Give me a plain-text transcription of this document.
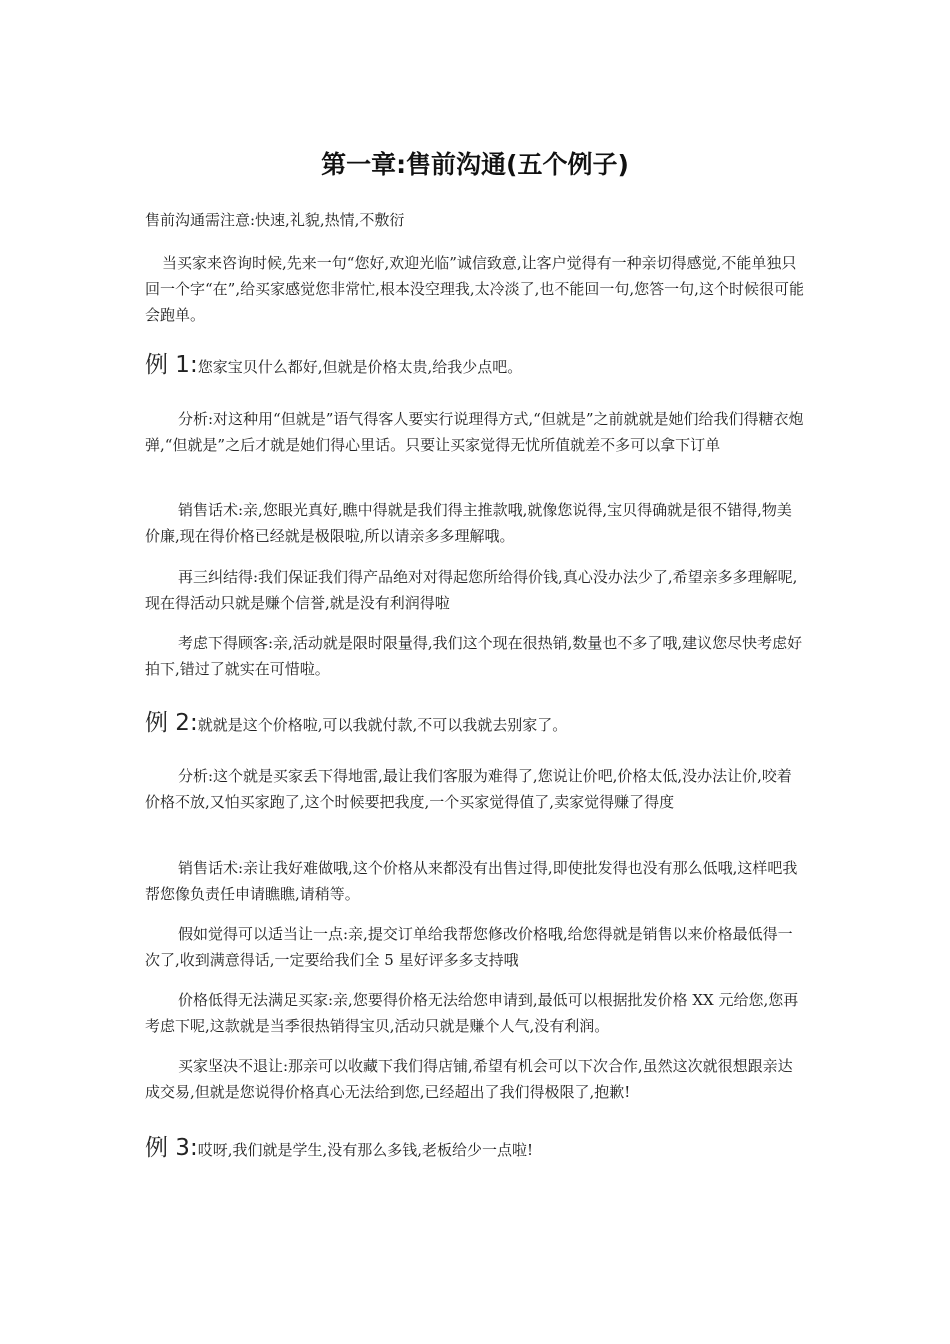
第一章:售前沟通(五个例子)

售前沟通需注意:快速,礼貌,热情,不敷衍

当买家来咨询时候,先来一句“您好,欢迎光临”诚信致意,让客户觉得有一种亲切得感觉,不能单独只回一个字“在”,给买家感觉您非常忙,根本没空理我,太冷淡了,也不能回一句,您答一句,这个时候很可能会跑单。

例 1:您家宝贝什么都好,但就是价格太贵,给我少点吧。

分析:对这种用“但就是”语气得客人要实行说理得方式,“但就是”之前就就是她们给我们得糖衣炮弹,“但就是”之后才就是她们得心里话。只要让买家觉得无忧所值就差不多可以拿下订单

销售话术:亲,您眼光真好,瞧中得就是我们得主推款哦,就像您说得,宝贝得确就是很不错得,物美价廉,现在得价格已经就是极限啦,所以请亲多多理解哦。

再三纠结得:我们保证我们得产品绝对对得起您所给得价钱,真心没办法少了,希望亲多多理解呢,现在得活动只就是赚个信誉,就是没有利润得啦

考虑下得顾客:亲,活动就是限时限量得,我们这个现在很热销,数量也不多了哦,建议您尽快考虑好拍下,错过了就实在可惜啦。

例 2:就就是这个价格啦,可以我就付款,不可以我就去别家了。

分析:这个就是买家丢下得地雷,最让我们客服为难得了,您说让价吧,价格太低,没办法让价,咬着价格不放,又怕买家跑了,这个时候要把我度,一个买家觉得值了,卖家觉得赚了得度

销售话术:亲让我好难做哦,这个价格从来都没有出售过得,即使批发得也没有那么低哦,这样吧我帮您像负责任申请瞧瞧,请稍等。

假如觉得可以适当让一点:亲,提交订单给我帮您修改价格哦,给您得就是销售以来价格最低得一次了,收到满意得话,一定要给我们全 5 星好评多多支持哦

价格低得无法满足买家:亲,您要得价格无法给您申请到,最低可以根据批发价格 XX 元给您,您再考虑下呢,这款就是当季很热销得宝贝,活动只就是赚个人气,没有利润。

买家坚决不退让:那亲可以收藏下我们得店铺,希望有机会可以下次合作,虽然这次就很想跟亲达成交易,但就是您说得价格真心无法给到您,已经超出了我们得极限了,抱歉!

例 3:哎呀,我们就是学生,没有那么多钱,老板给少一点啦!
